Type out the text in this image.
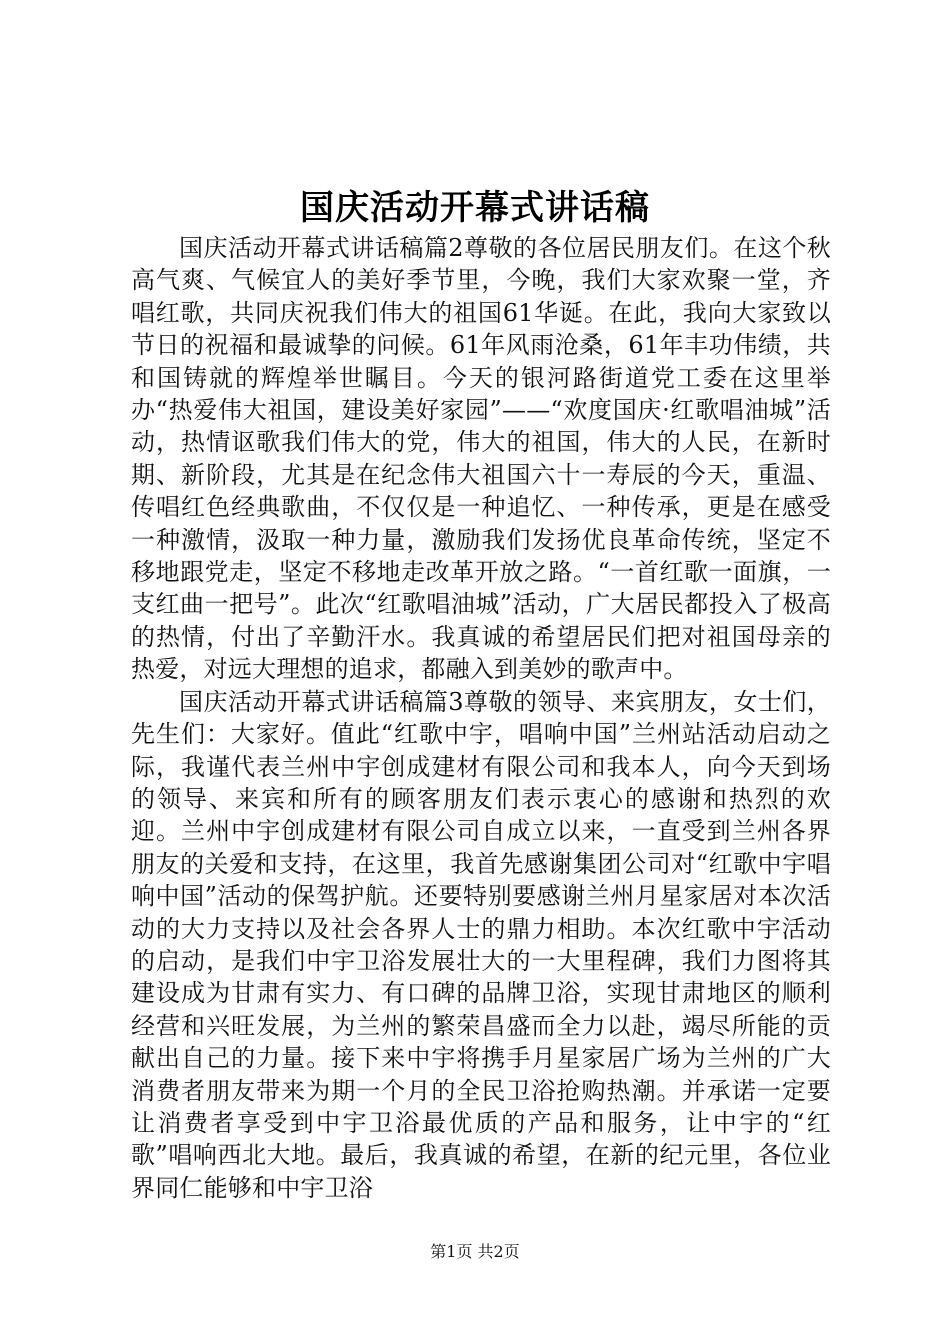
国庆活动开幕式讲话稿

国庆活动开幕式讲话稿篇2尊敬的各位居民朋友们。在这个秋高气爽、气候宜人的美好季节里，今晚，我们大家欢聚一堂，齐唱红歌，共同庆祝我们伟大的祖国61华诞。在此，我向大家致以节日的祝福和最诚挚的问候。61年风雨沧桑，61年丰功伟绩，共和国铸就的辉煌举世瞩目。今天的银河路街道党工委在这里举办“热爱伟大祖国，建设美好家园”——“欢度国庆·红歌唱油城”活动，热情讴歌我们伟大的党，伟大的祖国，伟大的人民，在新时期、新阶段，尤其是在纪念伟大祖国六十一寿辰的今天，重温、传唱红色经典歌曲，不仅仅是一种追忆、一种传承，更是在感受一种激情，汲取一种力量，激励我们发扬优良革命传统，坚定不移地跟党走，坚定不移地走改革开放之路。“一首红歌一面旗，一支红曲一把号”。此次“红歌唱油城”活动，广大居民都投入了极高的热情，付出了辛勤汗水。我真诚的希望居民们把对祖国母亲的热爱，对远大理想的追求，都融入到美妙的歌声中。

国庆活动开幕式讲话稿篇3尊敬的领导、来宾朋友，女士们，先生们：大家好。值此“红歌中宇，唱响中国”兰州站活动启动之际，我谨代表兰州中宇创成建材有限公司和我本人，向今天到场的领导、来宾和所有的顾客朋友们表示衷心的感谢和热烈的欢迎。兰州中宇创成建材有限公司自成立以来，一直受到兰州各界朋友的关爱和支持，在这里，我首先感谢集团公司对“红歌中宇唱响中国”活动的保驾护航。还要特别要感谢兰州月星家居对本次活动的大力支持以及社会各界人士的鼎力相助。本次红歌中宇活动的启动，是我们中宇卫浴发展壮大的一大里程碑，我们力图将其建设成为甘肃有实力、有口碑的品牌卫浴，实现甘肃地区的顺利经营和兴旺发展，为兰州的繁荣昌盛而全力以赴，竭尽所能的贡献出自己的力量。接下来中宇将携手月星家居广场为兰州的广大消费者朋友带来为期一个月的全民卫浴抢购热潮。并承诺一定要让消费者享受到中宇卫浴最优质的产品和服务，让中宇的“红歌”唱响西北大地。最后，我真诚的希望，在新的纪元里，各位业界同仁能够和中宇卫浴

第1页 共2页
